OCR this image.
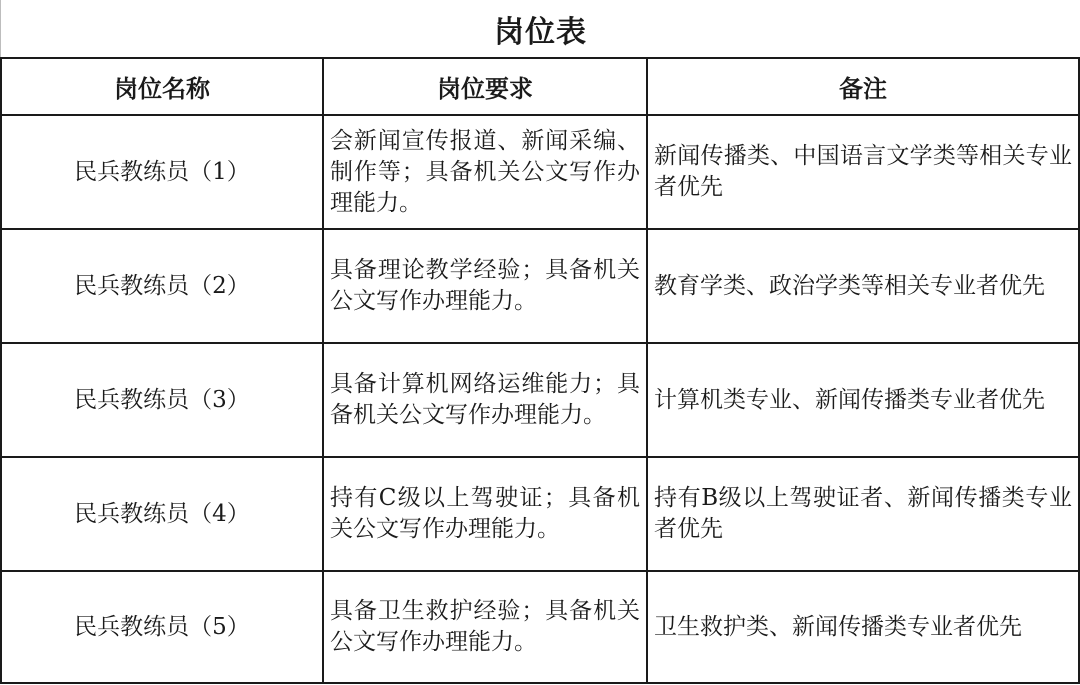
岗位表
岗位名称	岗位要求	备注
民兵教练员（1）	会新闻宣传报道、新闻采编、制作等；具备机关公文写作办理能力。	新闻传播类、中国语言文学类等相关专业者优先
民兵教练员（2）	具备理论教学经验；具备机关公文写作办理能力。	教育学类、政治学类等相关专业者优先
民兵教练员（3）	具备计算机网络运维能力；具备机关公文写作办理能力。	计算机类专业、新闻传播类专业者优先
民兵教练员（4）	持有C级以上驾驶证；具备机关公文写作办理能力。	持有B级以上驾驶证者、新闻传播类专业者优先
民兵教练员（5）	具备卫生救护经验；具备机关公文写作办理能力。	卫生救护类、新闻传播类专业者优先
